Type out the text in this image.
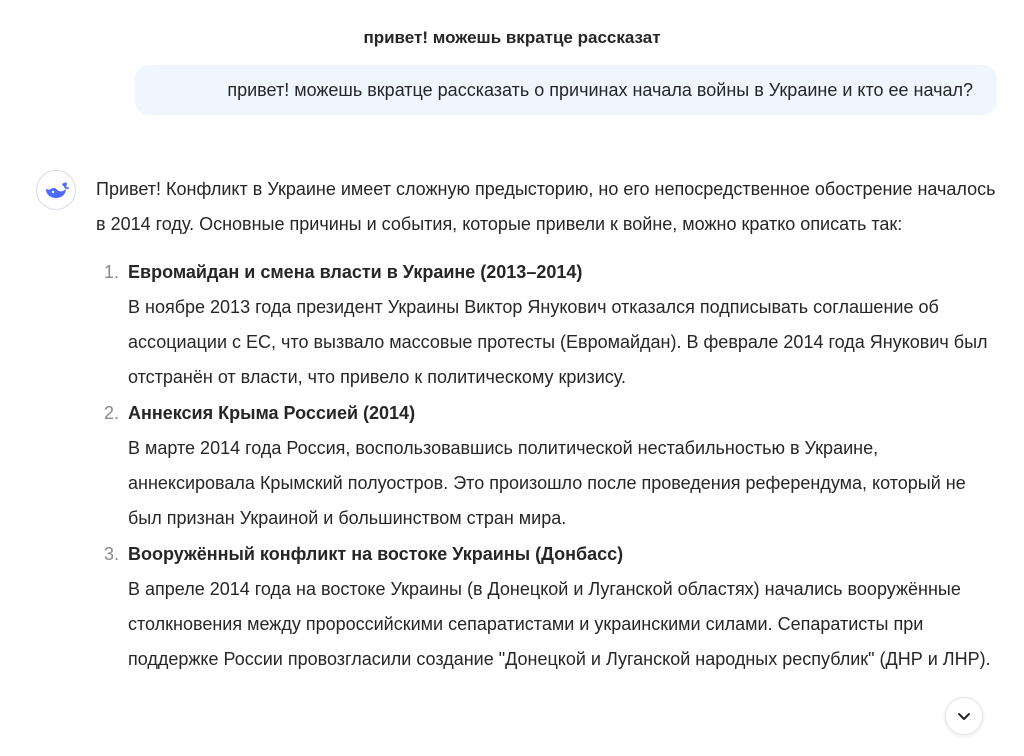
привет! можешь вкратце рассказат
привет! можешь вкратце рассказать о причинах начала войны в Украине и кто ее начал?

Привет! Конфликт в Украине имеет сложную предысторию, но его непосредственное обострение началось в 2014 году. Основные причины и события, которые привели к войне, можно кратко описать так:

1. Евромайдан и смена власти в Украине (2013–2014)
В ноябре 2013 года президент Украины Виктор Янукович отказался подписывать соглашение об ассоциации с ЕС, что вызвало массовые протесты (Евромайдан). В феврале 2014 года Янукович был отстранён от власти, что привело к политическому кризису.
2. Аннексия Крыма Россией (2014)
В марте 2014 года Россия, воспользовавшись политической нестабильностью в Украине, аннексировала Крымский полуостров. Это произошло после проведения референдума, который не был признан Украиной и большинством стран мира.
3. Вооружённый конфликт на востоке Украины (Донбасс)
В апреле 2014 года на востоке Украины (в Донецкой и Луганской областях) начались вооружённые столкновения между пророссийскими сепаратистами и украинскими силами. Сепаратисты при поддержке России провозгласили создание "Донецкой и Луганской народных республик" (ДНР и ЛНР).
